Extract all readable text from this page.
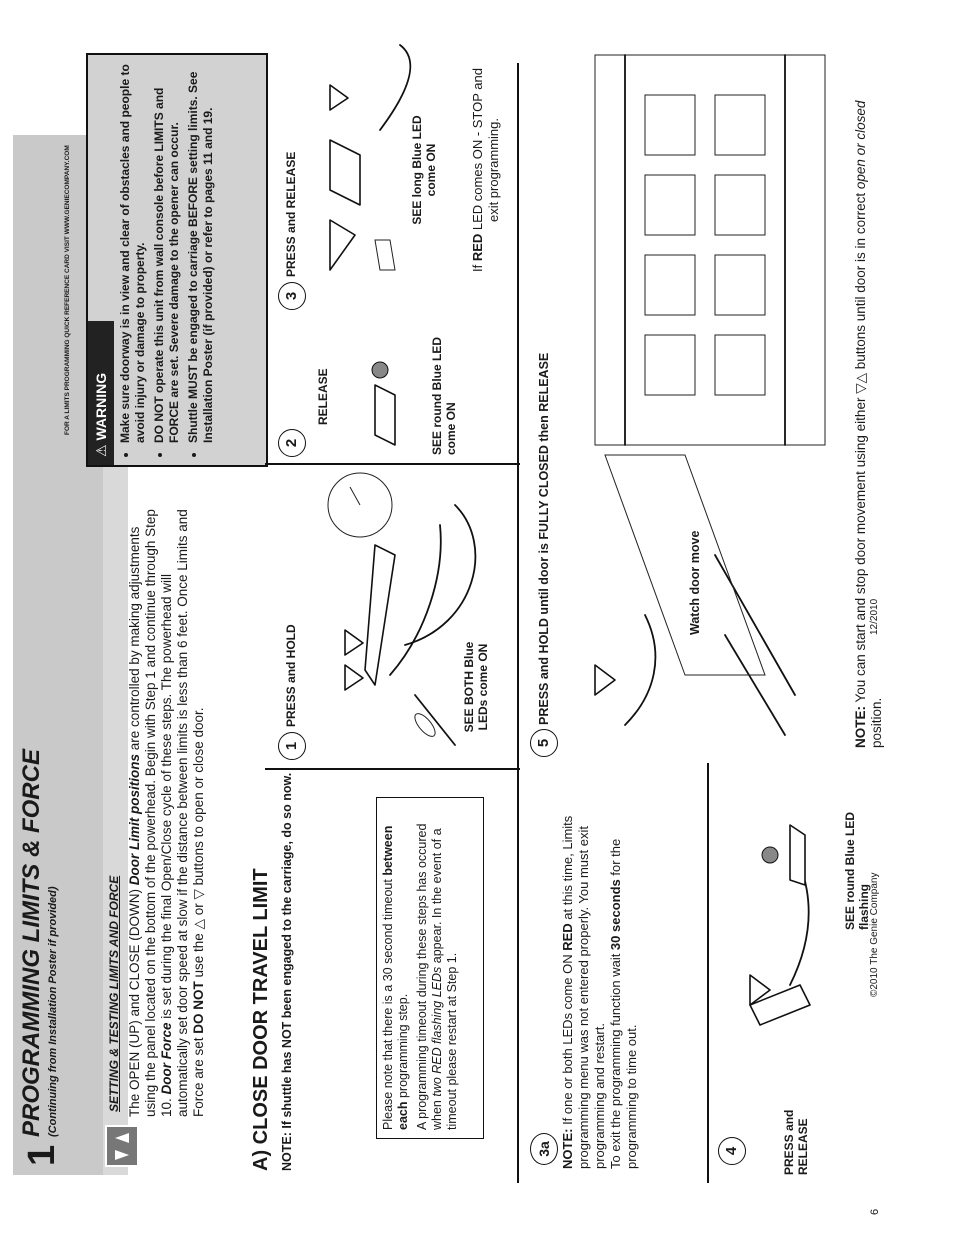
6
©2010 The Genie Company
12/2010
1
PROGRAMMING LIMITS & FORCE (Continuing from Installation Poster if provided)	SETTING & TESTING LIMITS AND FORCE The OPEN (UP) and CLOSE (DOWN) Door Limit positions are controlled by making adjustments using the panel located on the bottom of the powerhead. Begin with Step 1 and continue through Step 10. Door Force is set during the final Open/Close cycle of these steps. The powerhead will automatically set door speed at slow if the distance between limits is less than 6 feet. Once Limits and Force are set DO NOT use the △ or ▽ buttons to open or close door.
A) CLOSE DOOR TRAVEL LIMIT NOTE: If shuttle has NOT been engaged to the carriage, do so now.	Please note that there is a 30 second timeout between each programming step. A programming timeout during these steps has occured when two RED flashing LEDs appear. In the event of a timeout please restart at Step 1.
⚠ WARNING • Make sure doorway is in view and clear of obstacles and people to avoid injury or damage to property. • DO NOT operate this unit from wall console before LIMITS and FORCE are set. Severe damage to the opener can occur. • Shuttle MUST be engaged to carriage BEFORE setting limits. See Installation Poster (if provided) or refer to pages 11 and 19.
FOR A LIMITS PROGRAMMING QUICK REFERENCE CARD VISIT WWW.GENIECOMPANY.COM
1
PRESS and HOLD	SEE BOTH Blue LEDs come ON
2
RELEASE	SEE round Blue LED come ON
3
PRESS and RELEASE	SEE long Blue LED come ON
If RED LED comes ON - STOP and exit programming.
3a NOTE: If one or both LEDs come ON RED at this time, Limits programming menu was not entered properly. You must exit programming and restart.
To exit the programming function wait 30 seconds for the programming to time out.	4	PRESS and RELEASE
SEE round Blue LED flashing
5
PRESS and HOLD until door is FULLY CLOSED then RELEASE	Watch door move
NOTE: You can start and stop door movement using either ▽△ buttons until door is in correct open or closed position.
